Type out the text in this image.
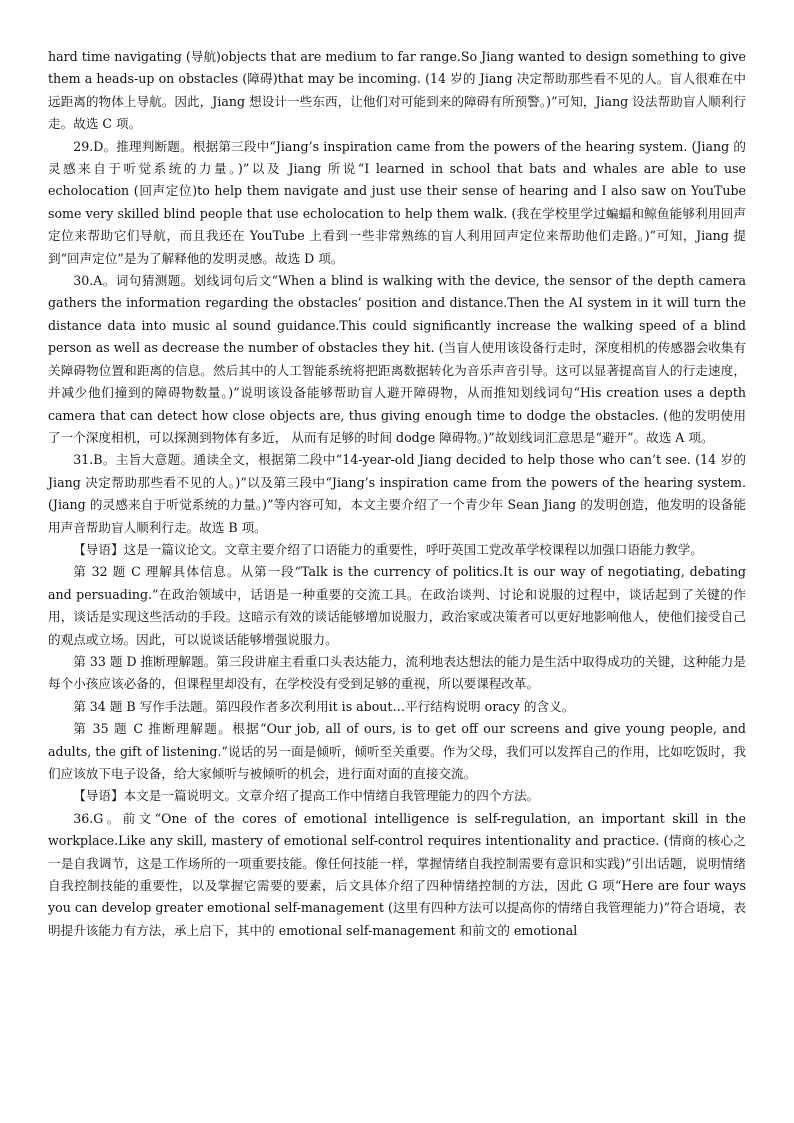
hard time navigating (导航)objects that are medium to far range.So Jiang wanted to design something to give them a heads-up on obstacles (障碍)that may be incoming. (14 岁的 Jiang 决定帮助那些看不见的人。盲人很难在中远距离的物体上导航。因此，Jiang 想设计一些东西，让他们对可能到来的障碍有所预警。)”可知，Jiang 设法帮助盲人顺利行走。故选 C 项。

29.D。推理判断题。根据第三段中“Jiang’s inspiration came from the powers of the hearing system. (Jiang 的灵感来自于听觉系统的力量。)”以及 Jiang 所说“I learned in school that bats and whales are able to use echolocation (回声定位)to help them navigate and just use their sense of hearing and I also saw on YouTube some very skilled blind people that use echolocation to help them walk. (我在学校里学过蝙蝠和鲸鱼能够利用回声定位来帮助它们导航，而且我还在 YouTube 上看到一些非常熟练的盲人利用回声定位来帮助他们走路。)”可知，Jiang 提到“回声定位”是为了解释他的发明灵感。故选 D 项。

30.A。词句猜测题。划线词句后文“When a blind is walking with the device, the sensor of the depth camera gathers the information regarding the obstacles’ position and distance.Then the AI system in it will turn the distance data into music al sound guidance.This could significantly increase the walking speed of a blind person as well as decrease the number of obstacles they hit. (当盲人使用该设备行走时，深度相机的传感器会收集有关障碍物位置和距离的信息。然后其中的人工智能系统将把距离数据转化为音乐声音引导。这可以显著提高盲人的行走速度，并减少他们撞到的障碍物数量。)”说明该设备能够帮助盲人避开障碍物，从而推知划线词句“His creation uses a depth camera that can detect how close objects are, thus giving enough time to dodge the obstacles. (他的发明使用了一个深度相机，可以探测到物体有多近， 从而有足够的时间 dodge 障碍物。)”故划线词汇意思是“避开”。故选 A 项。

31.B。主旨大意题。通读全文，根据第二段中“14-year-old Jiang decided to help those who can’t see. (14 岁的 Jiang 决定帮助那些看不见的人。)”以及第三段中“Jiang’s inspiration came from the powers of the hearing system. (Jiang 的灵感来自于听觉系统的力量。)”等内容可知，本文主要介绍了一个青少年 Sean Jiang 的发明创造，他发明的设备能用声音帮助盲人顺利行走。故选 B 项。

【导语】这是一篇议论文。文章主要介绍了口语能力的重要性，呼吁英国工党改革学校课程以加强口语能力教学。

第 32 题 C 理解具体信息。从第一段“Talk is the currency of politics.It is our way of negotiating, debating and persuading.”在政治领域中，话语是一种重要的交流工具。在政治谈判、讨论和说服的过程中，谈话起到了关键的作用，谈话是实现这些活动的手段。这暗示有效的谈话能够增加说服力，政治家或决策者可以更好地影响他人，使他们接受自己的观点或立场。因此，可以说谈话能够增强说服力。

第 33 题 D 推断理解题。第三段讲雇主看重口头表达能力，流利地表达想法的能力是生活中取得成功的关键，这种能力是每个小孩应该必备的，但课程里却没有，在学校没有受到足够的重视，所以要课程改革。

第 34 题 B 写作手法题。第四段作者多次利用it is about…平行结构说明 oracy 的含义。

第 35 题 C 推断理解题。根据“Our job, all of ours, is to get off our screens and give young people, and adults, the gift of listening.”说话的另一面是倾听，倾听至关重要。作为父母，我们可以发挥自己的作用，比如吃饭时，我们应该放下电子设备，给大家倾听与被倾听的机会，进行面对面的直接交流。

【导语】本文是一篇说明文。文章介绍了提高工作中情绪自我管理能力的四个方法。

36.G。前文“One of the cores of emotional intelligence is self-regulation, an important skill in the workplace.Like any skill, mastery of emotional self-control requires intentionality and practice. (情商的核心之一是自我调节，这是工作场所的一项重要技能。像任何技能一样，掌握情绪自我控制需要有意识和实践)”引出话题，说明情绪自我控制技能的重要性，以及掌握它需要的要素，后文具体介绍了四种情绪控制的方法，因此 G 项“Here are four ways you can develop greater emotional self-management (这里有四种方法可以提高你的情绪自我管理能力)”符合语境，表明提升该能力有方法，承上启下，其中的 emotional self-management 和前文的 emotional
